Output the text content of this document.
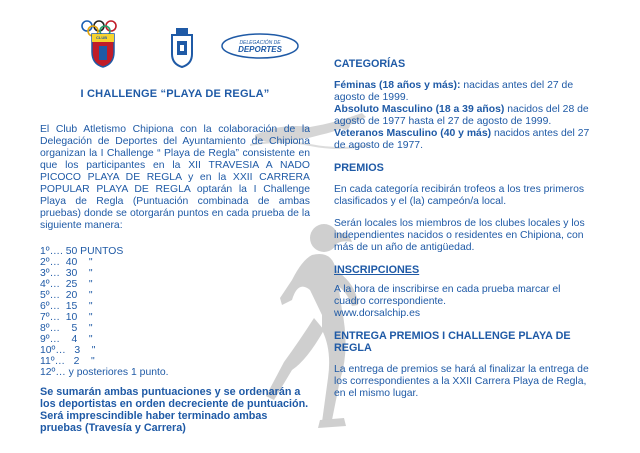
CLUB
DELEGACIÓN DE
DEPORTES
I CHALLENGE “PLAYA DE REGLA”

El Club Atletismo Chipiona con la colaboración de la Delegación de Deportes del Ayuntamiento de Chipiona organizan la I Challenge “ Playa de Regla” consistente en que los participantes en la XII TRAVESIA A NADO PICOCO PLAYA DE REGLA y en la XXII CARRERA POPULAR PLAYA DE REGLA optarán la I Challenge Playa de Regla (Puntuación combinada de ambas pruebas) donde se otorgarán puntos en cada prueba de la siguiente manera:

1º…. 50 PUNTOS
2º…  40    "
3º…  30    "
4º…  25    "
5º…  20    "
6º…  15    "
7º…  10    "
8º…    5    "
9º…    4    "
10º…   3    "
11º…   2    "
12º… y posteriores 1 punto.
Se sumarán ambas puntuaciones y se ordenarán a los deportistas en orden decreciente de puntuación.
Será imprescindible haber terminado ambas pruebas (Travesía y Carrera)
CATEGORÍAS

Féminas (18 años y más): nacidas antes del 27 de agosto de 1999.

Absoluto Masculino (18 a 39 años) nacidos del 28 de agosto de 1977 hasta el 27 de agosto de 1999.

Veteranos Masculino (40 y más) nacidos antes del 27 de agosto de 1977.

PREMIOS

En cada categoría recibirán trofeos a los tres primeros clasificados y el (la) campeón/a local.

Serán locales los miembros de los clubes locales y los independientes nacidos o residentes en Chipiona, con más de un año de antigüedad.

INSCRIPCIONES

A la hora de inscribirse en cada prueba marcar el cuadro correspondiente.

www.dorsalchip.es

ENTREGA PREMIOS I CHALLENGE PLAYA DE REGLA

La entrega de premios se hará al finalizar la entrega de los correspondientes a la XXII Carrera Playa de Regla, en el mismo lugar.
